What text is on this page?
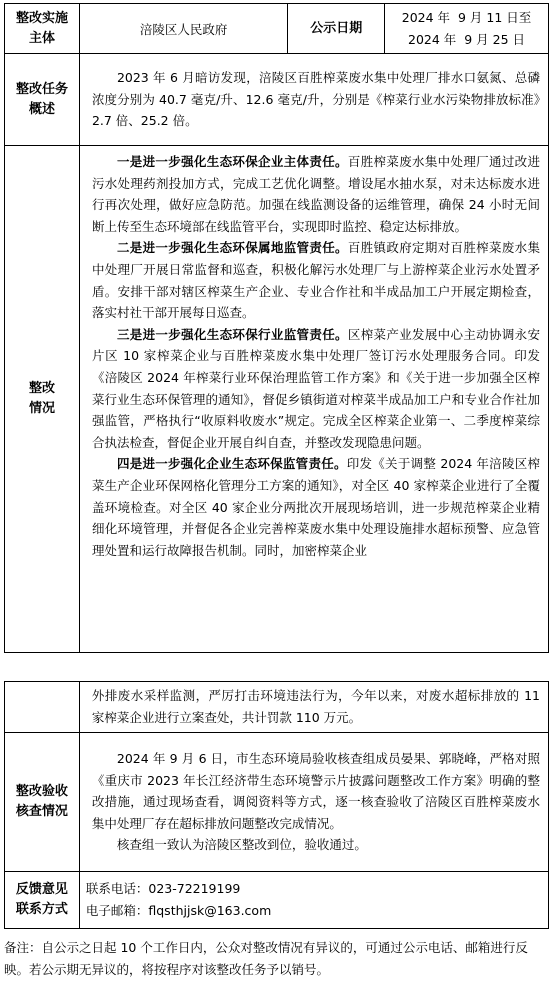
整改实施主体	涪陵区人民政府	公示日期	2024 年  9 月 11 日至
2024 年  9 月 25 日

整改任务概述	2023 年 6 月暗访发现，涪陵区百胜榨菜废水集中处理厂排水口氨氮、总磷浓度分别为 40.7 毫克/升、12.6 毫克/升，分别是《榨菜行业水污染物排放标准》2.7 倍、25.2 倍。		

整改情况	一是进一步强化生态环保企业主体责任。百胜榨菜废水集中处理厂通过改进污水处理药剂投加方式，完成工艺优化调整。增设尾水抽水泵，对未达标废水进行再次处理，做好应急防范。加强在线监测设备的运维管理，确保 24 小时无间断上传至生态环境部在线监管平台，实现即时监控、稳定达标排放。

二是进一步强化生态环保属地监管责任。百胜镇政府定期对百胜榨菜废水集中处理厂开展日常监督和巡查，积极化解污水处理厂与上游榨菜企业污水处置矛盾。安排干部对辖区榨菜生产企业、专业合作社和半成品加工户开展定期检查，落实村社干部开展每日巡查。

三是进一步强化生态环保行业监管责任。区榨菜产业发展中心主动协调永安片区 10 家榨菜企业与百胜榨菜废水集中处理厂签订污水处理服务合同。印发《涪陵区 2024 年榨菜行业环保治理监管工作方案》和《关于进一步加强全区榨菜行业生态环保管理的通知》，督促乡镇街道对榨菜半成品加工户和专业合作社加强监管，严格执行“收原料收废水”规定。完成全区榨菜企业第一、二季度榨菜综合执法检查，督促企业开展自纠自查，并整改发现隐患问题。

四是进一步强化企业生态环保监管责任。印发《关于调整 2024 年涪陵区榨菜生产企业环保网格化管理分工方案的通知》，对全区 40 家榨菜企业进行了全覆盖环境检查。对全区 40 家企业分两批次开展现场培训，进一步规范榨菜企业精细化环境管理，并督促各企业完善榨菜废水集中处理设施排水超标预警、应急管理处置和运行故障报告机制。同时，加密榨菜企业		

	外排废水采样监测，严厉打击环境违法行为，今年以来，对废水超标排放的 11 家榨菜企业进行立案查处，共计罚款 110 万元。

整改验收核查情况	2024 年 9 月 6 日，市生态环境局验收核查组成员晏果、郭晓峰，严格对照《重庆市 2023 年长江经济带生态环境警示片披露问题整改工作方案》明确的整改措施，通过现场查看，调阅资料等方式，逐一核查验收了涪陵区百胜榨菜废水集中处理厂存在超标排放问题整改完成情况。

核查组一致认为涪陵区整改到位，验收通过。

反馈意见联系方式	联系电话：023-72219199
电子邮箱：flqsthjjsk@163.com
备注：自公示之日起 10 个工作日内，公众对整改情况有异议的，可通过公示电话、邮箱进行反映。若公示期无异议的，将按程序对该整改任务予以销号。
